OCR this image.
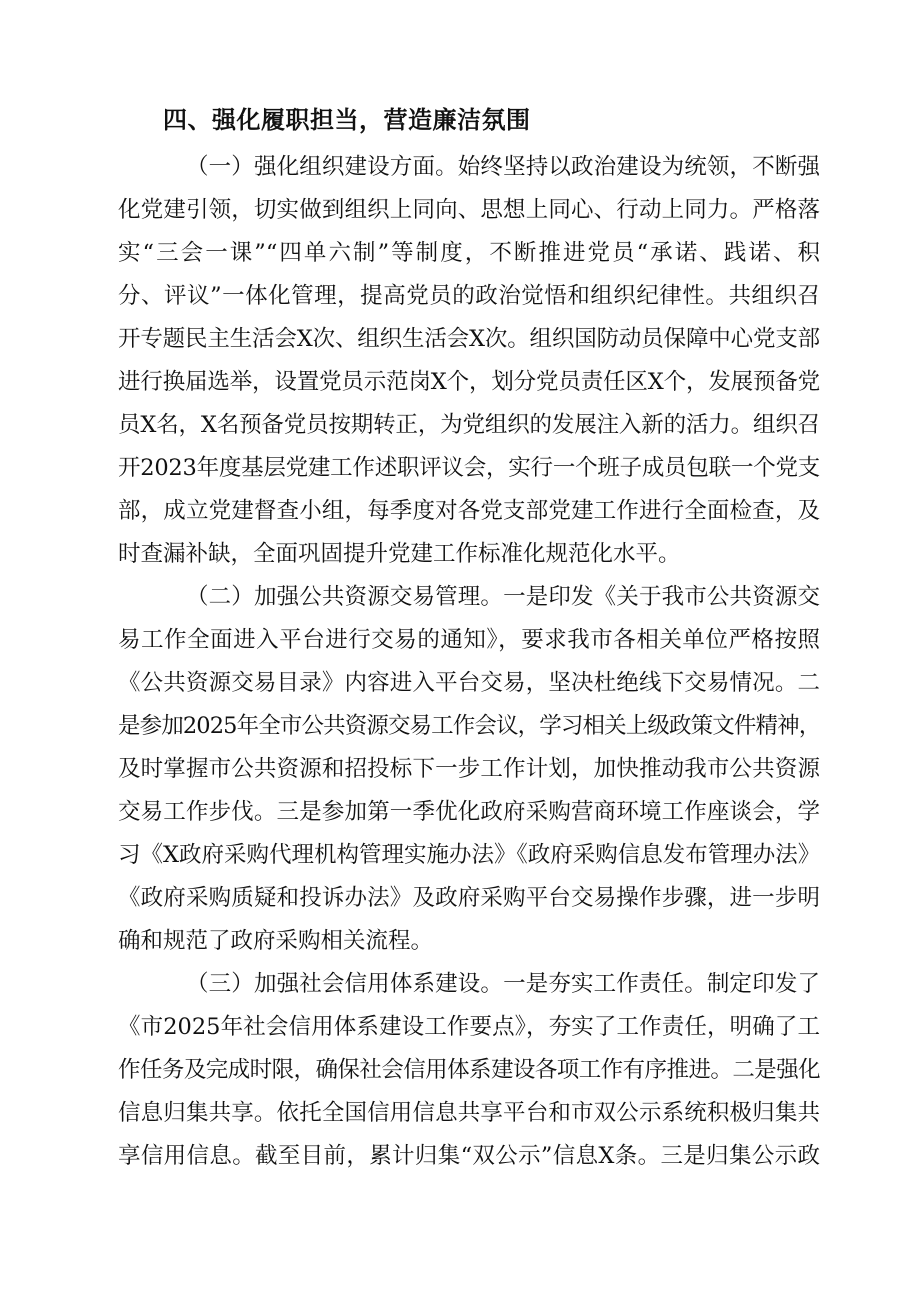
四、强化履职担当，营造廉洁氛围
（一）强化组织建设方面。始终坚持以政治建设为统领，不断强
化党建引领，切实做到组织上同向、思想上同心、行动上同力。严格落
实“三会一课”“四单六制”等制度，不断推进党员“承诺、践诺、积
分、评议”一体化管理，提高党员的政治觉悟和组织纪律性。共组织召
开专题民主生活会X次、组织生活会X次。组织国防动员保障中心党支部
进行换届选举，设置党员示范岗X个，划分党员责任区X个，发展预备党
员X名，X名预备党员按期转正，为党组织的发展注入新的活力。组织召
开2023年度基层党建工作述职评议会，实行一个班子成员包联一个党支
部，成立党建督查小组，每季度对各党支部党建工作进行全面检查，及
时查漏补缺，全面巩固提升党建工作标准化规范化水平。
（二）加强公共资源交易管理。一是印发《关于我市公共资源交
易工作全面进入平台进行交易的通知》，要求我市各相关单位严格按照
《公共资源交易目录》内容进入平台交易，坚决杜绝线下交易情况。二
是参加2025年全市公共资源交易工作会议，学习相关上级政策文件精神，
及时掌握市公共资源和招投标下一步工作计划，加快推动我市公共资源
交易工作步伐。三是参加第一季优化政府采购营商环境工作座谈会，学
习《X政府采购代理机构管理实施办法》《政府采购信息发布管理办法》
《政府采购质疑和投诉办法》及政府采购平台交易操作步骤，进一步明
确和规范了政府采购相关流程。
（三）加强社会信用体系建设。一是夯实工作责任。制定印发了
《市2025年社会信用体系建设工作要点》，夯实了工作责任，明确了工
作任务及完成时限，确保社会信用体系建设各项工作有序推进。二是强化
信息归集共享。依托全国信用信息共享平台和市双公示系统积极归集共
享信用信息。截至目前，累计归集“双公示”信息X条。三是归集公示政
